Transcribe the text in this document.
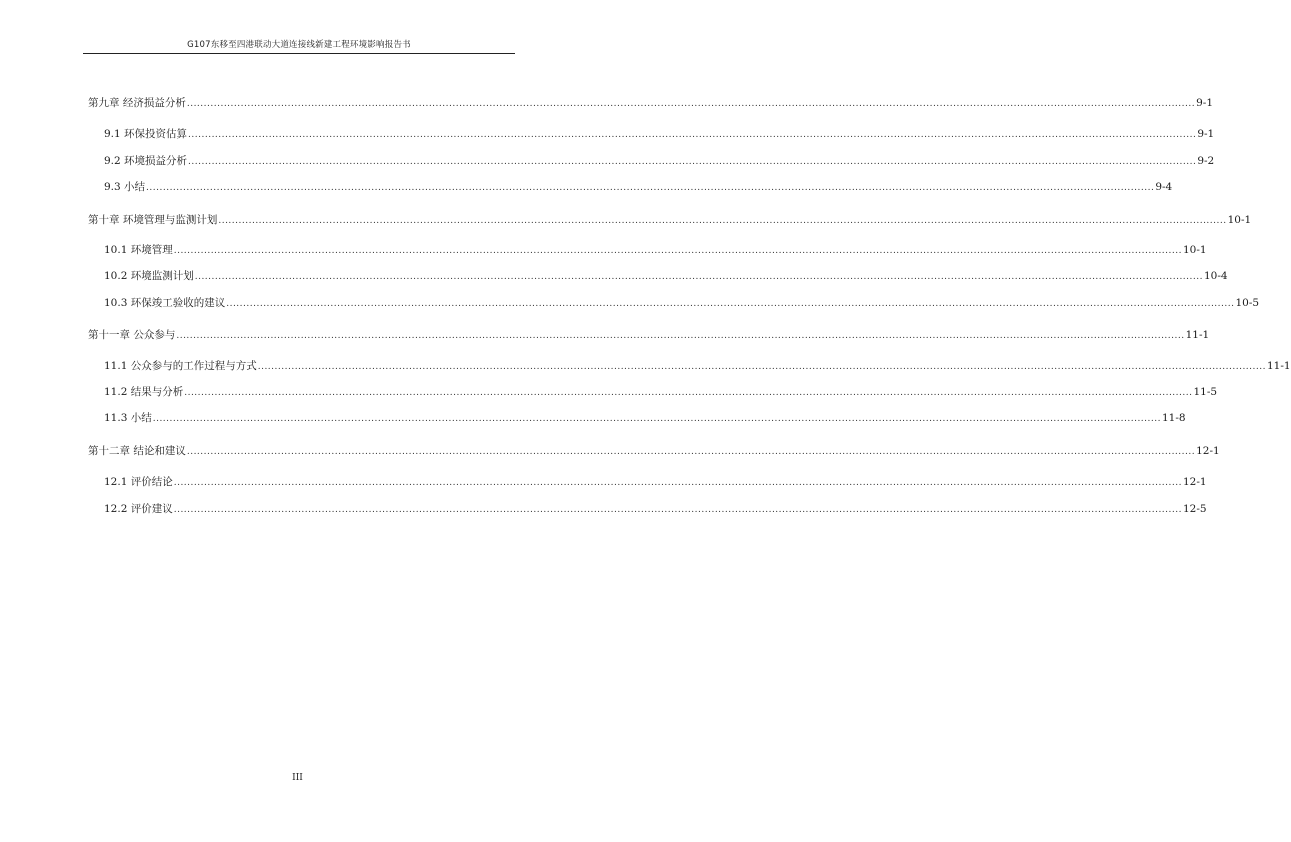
G107东移至四港联动大道连接线新建工程环境影响报告书
第九章 经济损益分析 ............................................................................................................................................................................................................................................................................................................ 9-1
9.1 环保投资估算 ............................................................................................................................................................................................................................................................................................................ 9-1
9.2 环境损益分析 ............................................................................................................................................................................................................................................................................................................ 9-2
9.3 小结 ............................................................................................................................................................................................................................................................................................................ 9-4
第十章 环境管理与监测计划 ............................................................................................................................................................................................................................................................................................................ 10-1
10.1 环境管理 ............................................................................................................................................................................................................................................................................................................ 10-1
10.2 环境监测计划 ............................................................................................................................................................................................................................................................................................................ 10-4
10.3 环保竣工验收的建议 ............................................................................................................................................................................................................................................................................................................ 10-5
第十一章 公众参与 ............................................................................................................................................................................................................................................................................................................ 11-1
11.1 公众参与的工作过程与方式 ............................................................................................................................................................................................................................................................................................................ 11-1
11.2 结果与分析 ............................................................................................................................................................................................................................................................................................................ 11-5
11.3 小结 ............................................................................................................................................................................................................................................................................................................ 11-8
第十二章 结论和建议 ............................................................................................................................................................................................................................................................................................................ 12-1
12.1 评价结论 ............................................................................................................................................................................................................................................................................................................ 12-1
12.2 评价建议 ............................................................................................................................................................................................................................................................................................................ 12-5
III
